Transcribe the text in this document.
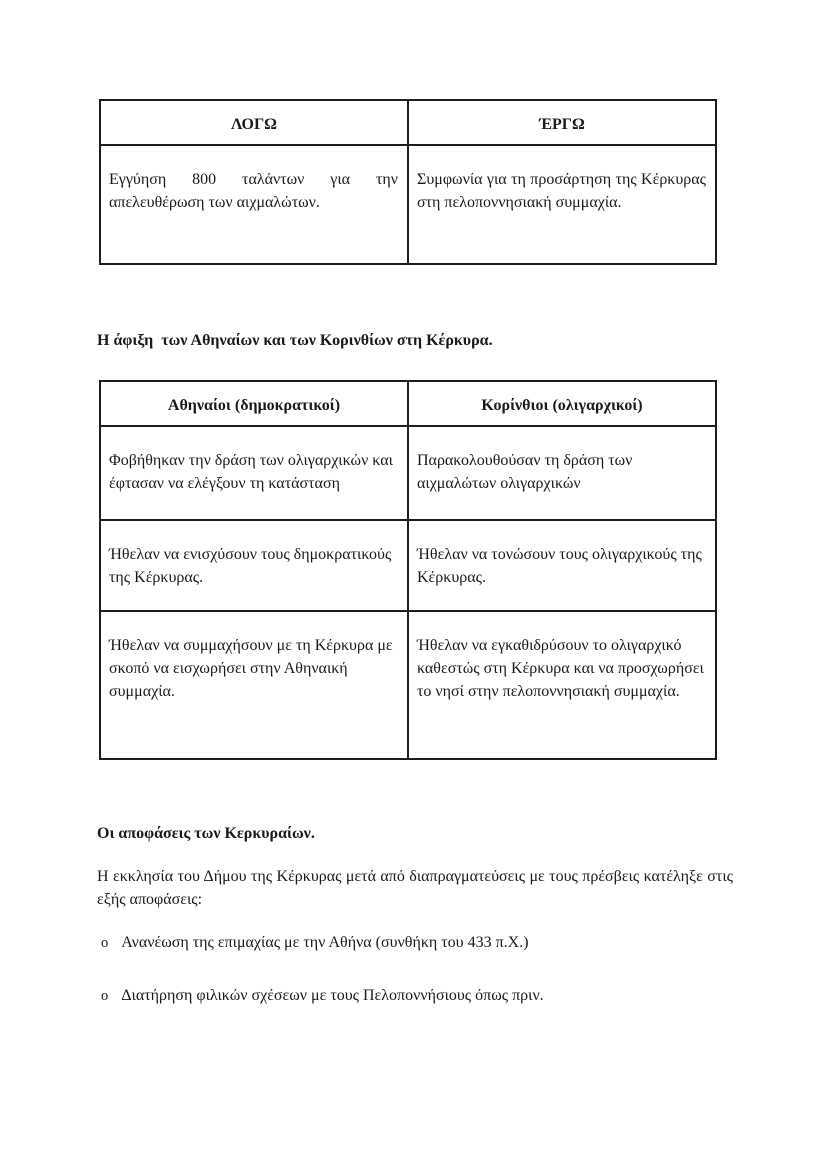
ΛΟΓΩ	ΈΡΓΩ
Εγγύηση 800 ταλάντων για την απελευθέρωση των αιχμαλώτων.	Συμφωνία για τη προσάρτηση της Κέρκυρας στη πελοποννησιακή συμμαχία.
Η άφιξη  των Αθηναίων και των Κορινθίων στη Κέρκυρα.
Αθηναίοι (δημοκρατικοί)	Κορίνθιοι (ολιγαρχικοί)
Φοβήθηκαν την δράση των ολιγαρχικών και έφτασαν να ελέγξουν τη κατάσταση	Παρακολουθούσαν τη δράση των αιχμαλώτων ολιγαρχικών
Ήθελαν να ενισχύσουν τους δημοκρατικούς της Κέρκυρας.	Ήθελαν να τονώσουν τους ολιγαρχικούς της Κέρκυρας.
Ήθελαν να συμμαχήσουν με τη Κέρκυρα με σκοπό να εισχωρήσει στην Αθηναική συμμαχία.	Ήθελαν να εγκαθιδρύσουν το ολιγαρχικό καθεστώς στη Κέρκυρα και να προσχωρήσει το νησί στην πελοποννησιακή συμμαχία.
Οι αποφάσεις των Κερκυραίων.

Η εκκλησία του Δήμου της Κέρκυρας μετά από διαπραγματεύσεις με τους πρέσβεις κατέληξε στις εξής αποφάσεις:

o Ανανέωση της επιμαχίας με την Αθήνα (συνθήκη του 433 π.Χ.)
o Διατήρηση φιλικών σχέσεων με τους Πελοποννήσιους όπως πριν.
